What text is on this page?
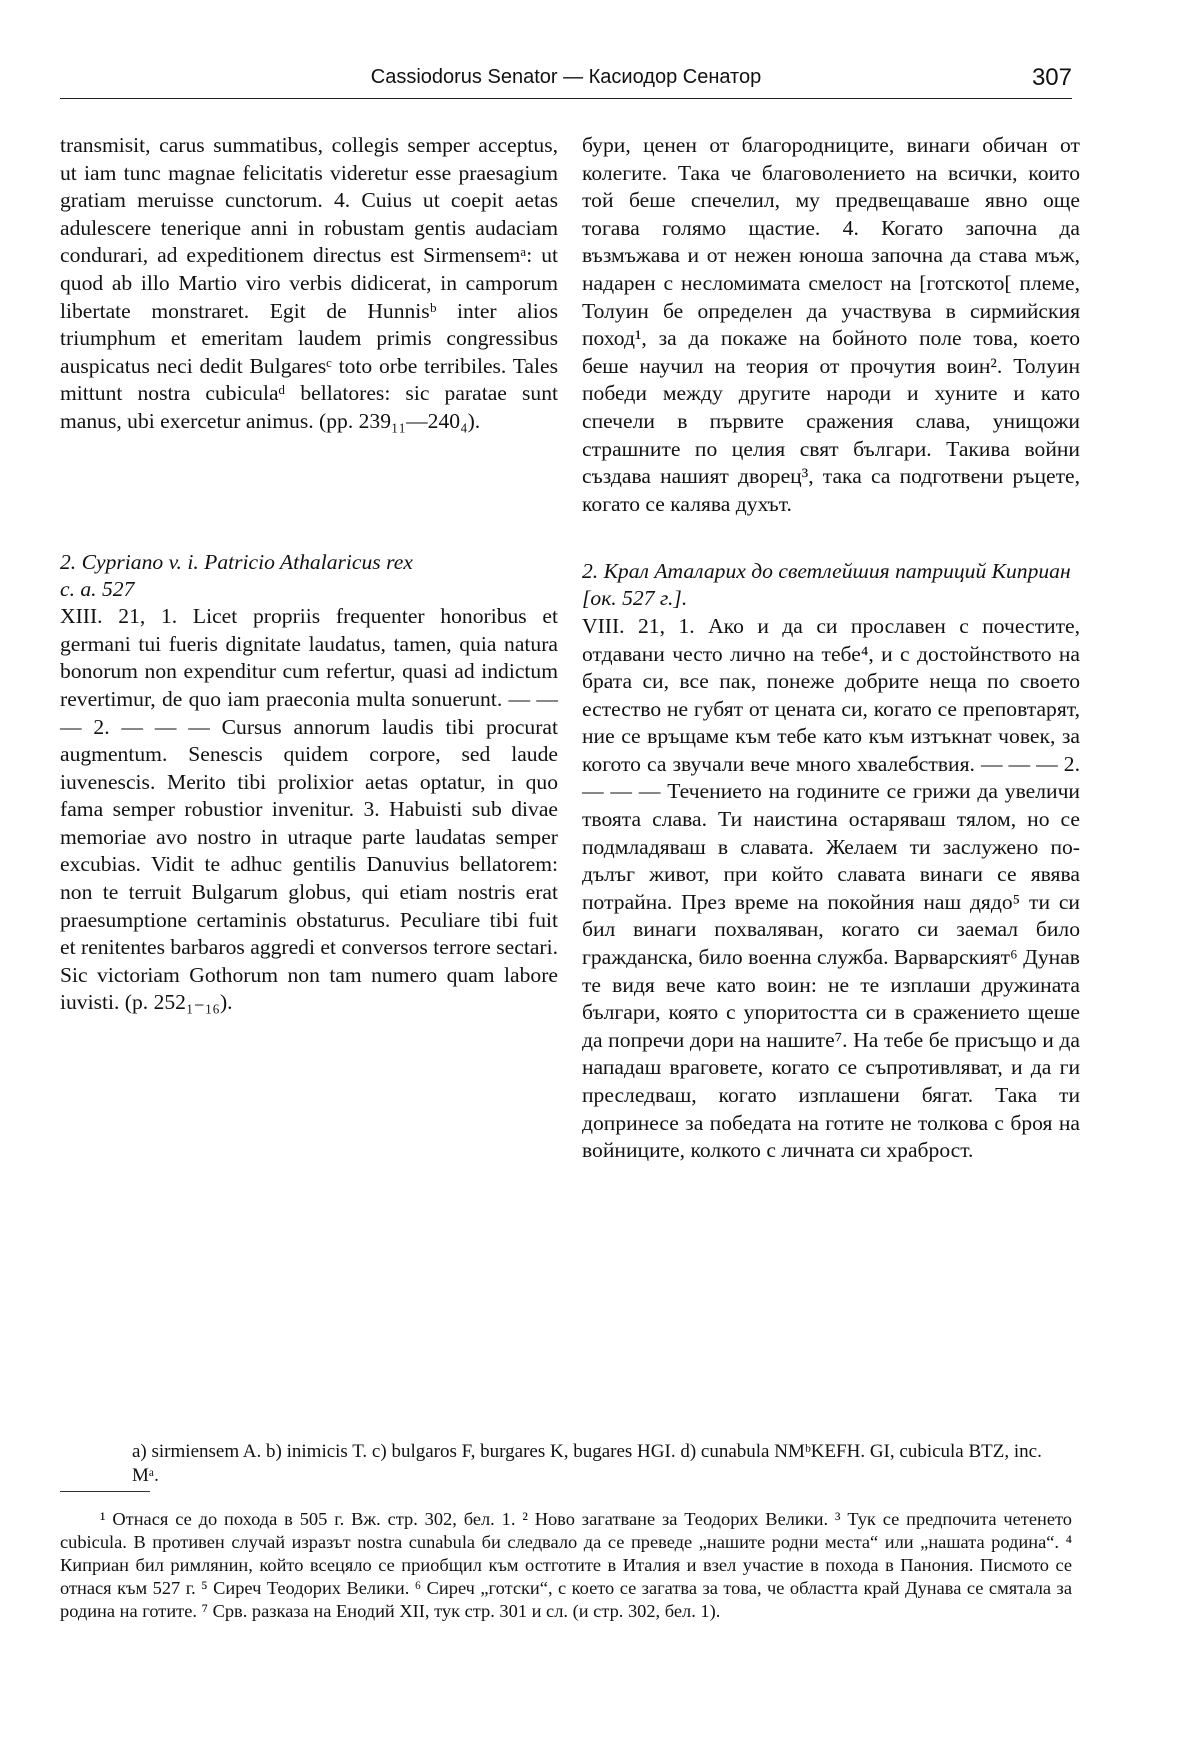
Cassiodorus Senator — Касиодор Сенатор	307

transmisit, carus summatibus, collegis semper acceptus, ut iam tunc magnae felicitatis videretur esse praesagium gratiam meruisse cunctorum. 4. Cuius ut coepit aetas adulescere tenerique anni in robustam gentis audaciam condurari, ad expeditionem directus est Sirmensemᵃ: ut quod ab illo Martio viro verbis didicerat, in camporum libertate monstraret. Egit de Hunnisᵇ inter alios triumphum et emeritam laudem primis congressibus auspicatus neci dedit Bulgaresᶜ toto orbe terribiles. Tales mittunt nostra cubiculaᵈ bellatores: sic paratae sunt manus, ubi exercetur animus. (pp. 239₁₁—240₄).

2. Cypriano v. i. Patricio Athalaricus rex

c. a. 527

XIII. 21, 1. Licet propriis frequenter honoribus et germani tui fueris dignitate laudatus, tamen, quia natura bonorum non expenditur cum refertur, quasi ad indictum revertimur, de quo iam praeconia multa sonuerunt. — — — 2. — — — Cursus annorum laudis tibi procurat augmentum. Senescis quidem corpore, sed laude iuvenescis. Merito tibi prolixior aetas optatur, in quo fama semper robustior invenitur. 3. Habuisti sub divae memoriae avo nostro in utraque parte laudatas semper excubias. Vidit te adhuc gentilis Danuvius bellatorem: non te terruit Bulgarum globus, qui etiam nostris erat praesumptione certaminis obstaturus. Peculiare tibi fuit et renitentes barbaros aggredi et conversos terrore sectari. Sic victoriam Gothorum non tam numero quam labore iuvisti. (p. 252₁₋₁₆).

бури, ценен от благородниците, винаги обичан от колегите. Така че благоволението на всички, които той беше спечелил, му предвещаваше явно още тогава голямо щастие. 4. Когато започна да възмъжава и от нежен юноша започна да става мъж, надарен с несломимата смелост на [готското[ племе, Толуин бе определен да участвува в сирмийския поход¹, за да покаже на бойното поле това, което беше научил на теория от прочутия воин². Толуин победи между другите народи и хуните и като спечели в първите сражения слава, унищожи страшните по целия свят българи. Такива войни създава нашият дворец³, така са подготвени ръцете, когато се калява духът.

2. Крал Аталарих до светлейшия патриций Киприан

[ок. 527 г.].

VIII. 21, 1. Ако и да си прославен с почестите, отдавани често лично на тебе⁴, и с достойнството на брата си, все пак, понеже добрите неща по своето естество не губят от цената си, когато се преповтарят, ние се връщаме към тебе като към изтъкнат човек, за когото са звучали вече много хвалебствия. — — — 2. — — — Течението на годините се грижи да увеличи твоята слава. Ти наистина остаряваш тялом, но се подмладяваш в славата. Желаем ти заслужено по-дълъг живот, при който славата винаги се явява потрайна. През време на покойния наш дядо⁵ ти си бил винаги похваляван, когато си заемал било гражданска, било военна служба. Варварският⁶ Дунав те видя вече като воин: не те изплаши дружината българи, която с упоритостта си в сражението щеше да попречи дори на нашите⁷. На тебе бе присъщо и да нападаш враговете, когато се съпротивляват, и да ги преследваш, когато изплашени бягат. Така ти допринесе за победата на готите не толкова с броя на войниците, колкото с личната си храброст.

a) sirmiensem A. b) inimicis T. c) bulgaros F, burgares K, bugares HGI. d) cunabula NMᵇKEFH. GI, cubicula BTZ, inc. Mᵃ.

¹ Отнася се до похода в 505 г. Вж. стр. 302, бел. 1. ² Ново загатване за Теодорих Велики. ³ Тук се предпочита четенето cubicula. В противен случай изразът nostra cunabula би следвало да се преведе „нашите родни места“ или „нашата родина“. ⁴ Киприан бил римлянин, който всецяло се приобщил към остготите в Италия и взел участие в похода в Панония. Писмото се отнася към 527 г. ⁵ Сиреч Теодорих Велики. ⁶ Сиреч „готски“, с което се загатва за това, че областта край Дунава се смятала за родина на готите. ⁷ Срв. разказа на Енодий XII, тук стр. 301 и сл. (и стр. 302, бел. 1).
